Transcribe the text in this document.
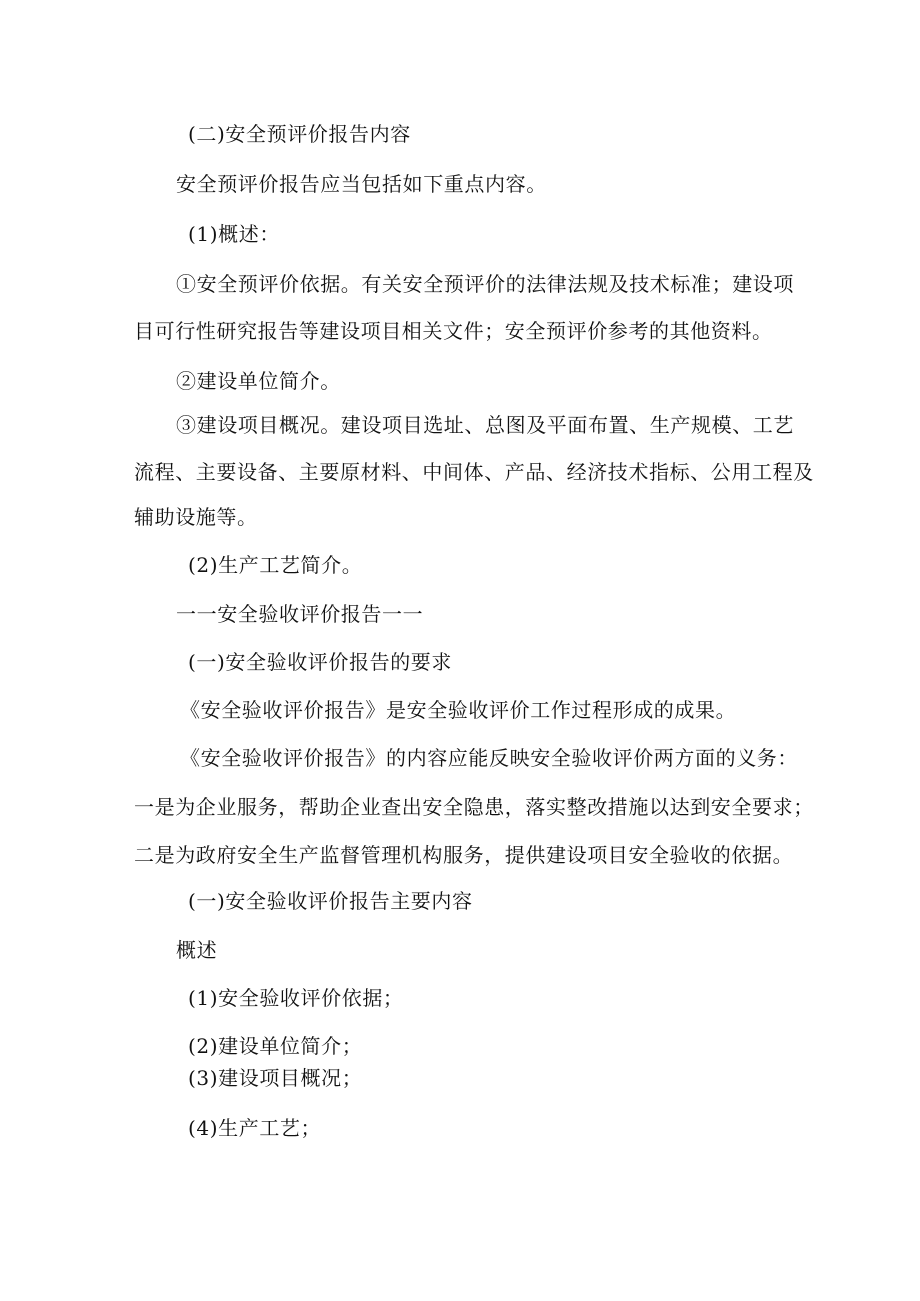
(二)安全预评价报告内容

安全预评价报告应当包括如下重点内容。

(1)概述：

①安全预评价依据。有关安全预评价的法律法规及技术标准；建设项

目可行性研究报告等建设项目相关文件；安全预评价参考的其他资料。

②建设单位简介。

③建设项目概况。建设项目选址、总图及平面布置、生产规模、工艺

流程、主要设备、主要原材料、中间体、产品、经济技术指标、公用工程及

辅助设施等。

(2)生产工艺简介。

一一安全验收评价报告一一

(一)安全验收评价报告的要求

《安全验收评价报告》是安全验收评价工作过程形成的成果。

《安全验收评价报告》的内容应能反映安全验收评价两方面的义务：

一是为企业服务，帮助企业查出安全隐患，落实整改措施以达到安全要求；

二是为政府安全生产监督管理机构服务，提供建设项目安全验收的依据。

(一)安全验收评价报告主要内容

概述

(1)安全验收评价依据；

(2)建设单位简介；

(3)建设项目概况；

(4)生产工艺；
